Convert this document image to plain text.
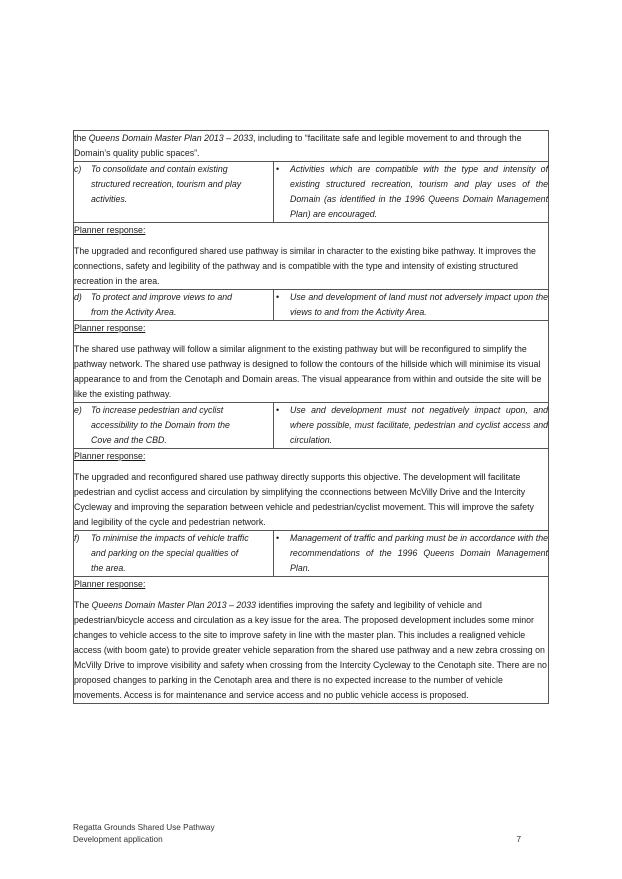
the Queens Domain Master Plan 2013 – 2033, including to “facilitate safe and legible movement to and through the Domain’s quality public spaces”.	

c) To consolidate and contain existing structured recreation, tourism and play activities.	• Activities which are compatible with the type and intensity of existing structured recreation, tourism and play uses of the Domain (as identified in the 1996 Queens Domain Management Plan) are encouraged.

Planner response:
The upgraded and reconfigured shared use pathway is similar in character to the existing bike pathway. It improves the connections, safety and legibility of the pathway and is compatible with the type and intensity of existing structured recreation in the area.	

d) To protect and improve views to and from the Activity Area.	• Use and development of land must not adversely impact upon the views to and from the Activity Area.

Planner response:
The shared use pathway will follow a similar alignment to the existing pathway but will be reconfigured to simplify the pathway network. The shared use pathway is designed to follow the contours of the hillside which will minimise its visual appearance to and from the Cenotaph and Domain areas. The visual appearance from within and outside the site will be like the existing pathway.	

e) To increase pedestrian and cyclist accessibility to the Domain from the Cove and the CBD.	• Use and development must not negatively impact upon, and where possible, must facilitate, pedestrian and cyclist access and circulation.

Planner response:
The upgraded and reconfigured shared use pathway directly supports this objective. The development will facilitate pedestrian and cyclist access and circulation by simplifying the cconnections between McVilly Drive and the Intercity Cycleway and improving the separation between vehicle and pedestrian/cyclist movement. This will improve the safety and legibility of the cycle and pedestrian network.	

f) To minimise the impacts of vehicle traffic and parking on the special qualities of the area.	• Management of traffic and parking must be in accordance with the recommendations of the 1996 Queens Domain Management Plan.

Planner response:
The Queens Domain Master Plan 2013 – 2033 identifies improving the safety and legibility of vehicle and pedestrian/bicycle access and circulation as a key issue for the area. The proposed development includes some minor changes to vehicle access to the site to improve safety in line with the master plan. This includes a realigned vehicle access (with boom gate) to provide greater vehicle separation from the shared use pathway and a new zebra crossing on McVilly Drive to improve visibility and safety when crossing from the Intercity Cycleway to the Cenotaph site. There are no proposed changes to parking in the Cenotaph area and there is no expected increase to the number of vehicle movements. Access is for maintenance and service access and no public vehicle access is proposed.	
Regatta Grounds Shared Use Pathway
Development application	7
